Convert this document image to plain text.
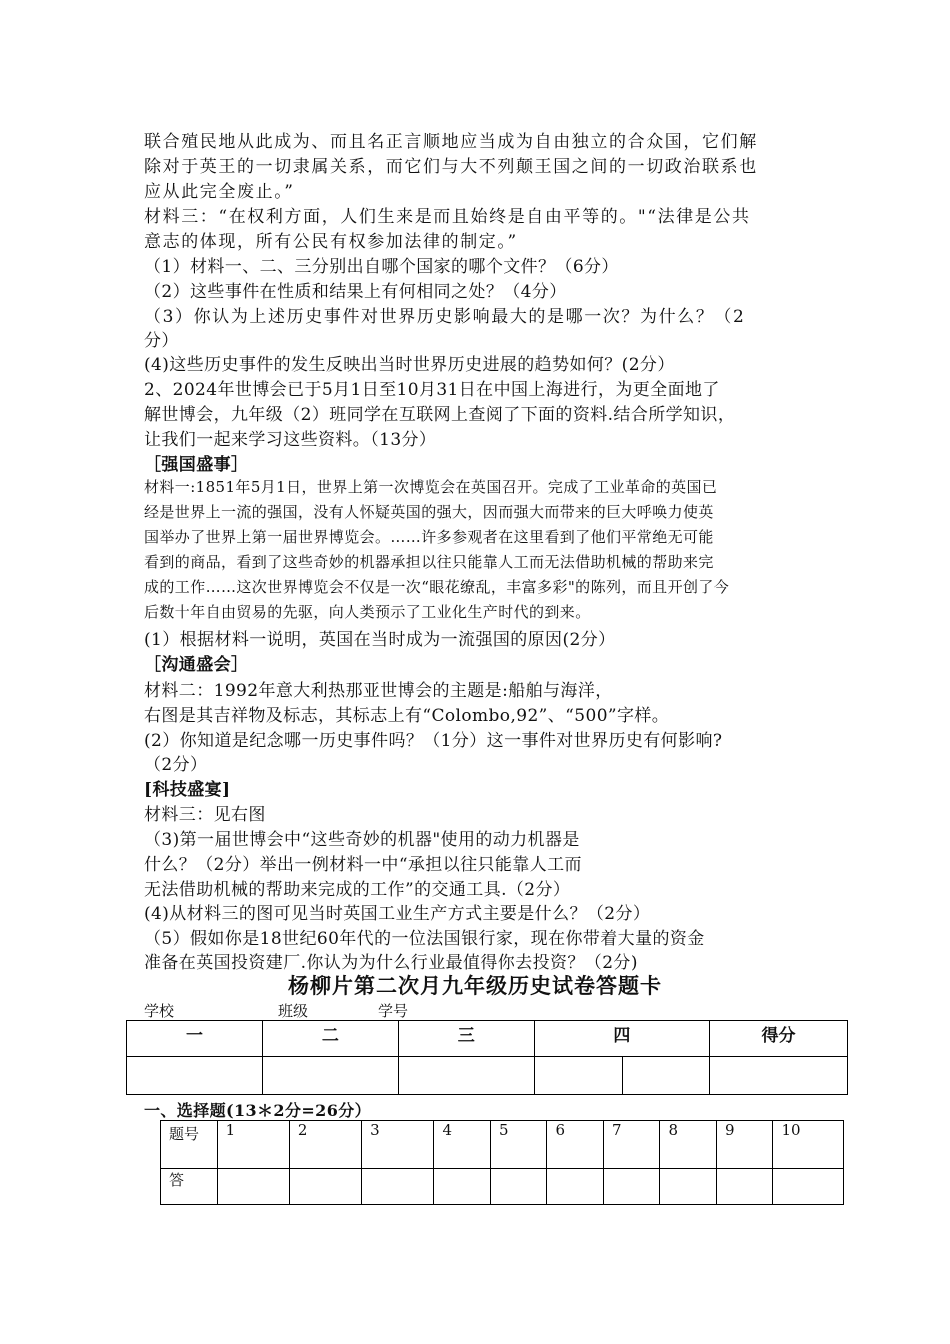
联合殖民地从此成为、而且名正言顺地应当成为自由独立的合众国，它们解
除对于英王的一切隶属关系，而它们与大不列颠王国之间的一切政治联系也
应从此完全废止。”
材料三：“在权利方面，人们生来是而且始终是自由平等的。"“法律是公共
意志的体现，所有公民有权参加法律的制定。”
（1）材料一、二、三分别出自哪个国家的哪个文件？（6分）
（2）这些事件在性质和结果上有何相同之处？（4分）
（3）你认为上述历史事件对世界历史影响最大的是哪一次？为什么？（2
分）
(4)这些历史事件的发生反映出当时世界历史进展的趋势如何？(2分）
2、2024年世博会已于5月1日至10月31日在中国上海进行，为更全面地了
解世博会，九年级（2）班同学在互联网上查阅了下面的资料.结合所学知识，
让我们一起来学习这些资料。（13分）
［强国盛事］
材料一:1851年5月1日，世界上第一次博览会在英国召开。完成了工业革命的英国已
经是世界上一流的强国，没有人怀疑英国的强大，因而强大而带来的巨大呼唤力使英
国举办了世界上第一届世界博览会。……许多参观者在这里看到了他们平常绝无可能
看到的商品，看到了这些奇妙的机器承担以往只能靠人工而无法借助机械的帮助来完
成的工作……这次世界博览会不仅是一次“眼花缭乱，丰富多彩"的陈列，而且开创了今
后数十年自由贸易的先驱，向人类预示了工业化生产时代的到来。
(1）根据材料一说明，英国在当时成为一流强国的原因(2分）
［沟通盛会］
材料二：1992年意大利热那亚世博会的主题是:船舶与海洋，
右图是其吉祥物及标志，其标志上有“Colombo,92”、“500”字样。
(2）你知道是纪念哪一历史事件吗？（1分）这一事件对世界历史有何影响?
（2分）
[科技盛宴]
材料三：见右图
（3)第一届世博会中“这些奇妙的机器"使用的动力机器是
什么？（2分）举出一例材料一中“承担以往只能靠人工而
无法借助机械的帮助来完成的工作”的交通工具.（2分）
(4)从材料三的图可见当时英国工业生产方式主要是什么？（2分）
（5）假如你是18世纪60年代的一位法国银行家，现在你带着大量的资金
准备在英国投资建厂.你认为为什么行业最值得你去投资？（2分)
杨柳片第二次月九年级历史试卷答题卡
学校	班级	学号
一	二	三	四		得分

一、选择题(13＊2分=26分）
题号	1	2	3	4	5	6	7	8	9	10
答										
